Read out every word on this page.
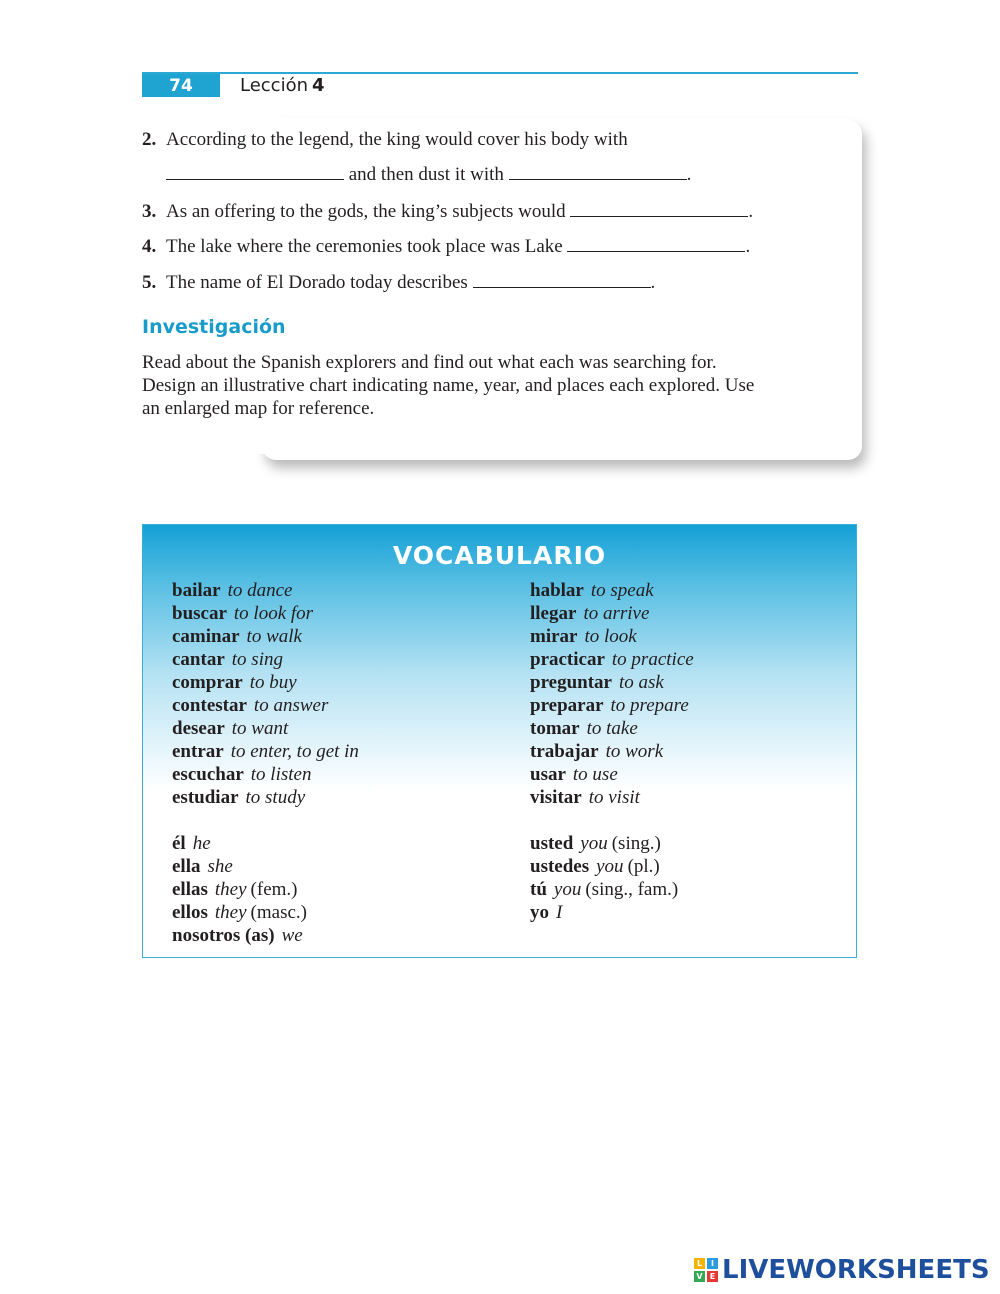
74	Lección 4
2. According to the legend, the king would cover his body with
and then dust it with	.
3. As an offering to the gods, the king’s subjects would	.
4. The lake where the ceremonies took place was Lake	.
5. The name of El Dorado today describes	.
Investigación
Read about the Spanish explorers and find out what each was searching for.
Design an illustrative chart indicating name, year, and places each explored. Use
an enlarged map for reference.
VOCABULARIO
bailar to dance
buscar to look for
caminar to walk
cantar to sing
comprar to buy
contestar to answer
desear to want
entrar to enter, to get in
escuchar to listen
estudiar to study
él he
ella she
ellas they (fem.)
ellos they (masc.)
nosotros (as) we
hablar to speak
llegar to arrive
mirar to look
practicar to practice
preguntar to ask
preparar to prepare
tomar to take
trabajar to work
usar to use
visitar to visit
usted you (sing.)
ustedes you (pl.)
tú you (sing., fam.)
yo I
L	I
V E LIVEWORKSHEETS
